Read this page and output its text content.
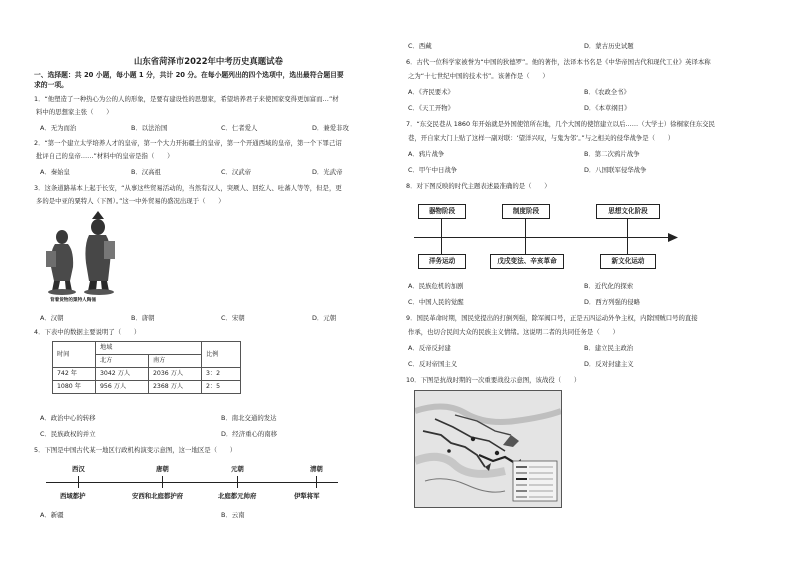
山东省菏泽市2022年中考历史真题试卷
一、选择题：共 20 小题，每小题 1 分，共计 20 分。在每小题列出的四个选项中，选出最符合题目要
求的一项。
1．“他塑造了一种热心为公的人的形象，是要有建设性的思想家，希望培养君子来使国家变得更加富而…”材
料中的思想家主张（　　）
A．无为而治	B．以法治国	C．仁者爱人	D．兼爱非攻
2．“第一个建立太学培养人才的皇帝，第一个大力开拓疆土的皇帝，第一个开通西域的皇帝，第一个下罪己诏
批评自己的皇帝……”材料中的皇帝是指（　　）
A．秦始皇	B．汉高祖	C．汉武帝	D．光武帝
3．这条道路基本上起于长安，“从事这些贸易活动的，当然有汉人，突厥人、回纥人、吐蕃人等等，但是，更
多的是中亚的粟特人（下图）。”这一中外贸易的盛况出现于（　　）
背着货物的粟特人陶俑
A．汉朝	B．唐朝	C．宋朝	D．元朝
4．下表中的数据主要说明了（　　）
时间	地域		比例
	北方	南方	
742 年	3042 万人	2036 万人	3：2
1080 年	956 万人	2368 万人	2：5
A．政治中心的转移	B．南北交通的发达
C．民族政权的并立	D．经济重心的南移
5．下图是中国古代某一地区行政机构演变示意图，这一地区是（　　）
西汉	唐朝	元朝	清朝
西域都护	安西和北庭都护府	北庭都元帅府	伊犁将军
A．新疆	B．云南
C．西藏	D．蒙古历史试题
6．古代一位科学家被誉为“中国的狄德罗”。他的著作，法译本书名是《中华帝国古代和现代工业》英译本称
之为“十七世纪中国的技术书”。该著作是（　　）
A．《齐民要术》	B．《农政全书》
C．《天工开物》	D．《本草纲目》
7．“东交民巷从 1860 年开始就是外国使馆所在地，几个大国的使馆建立以后……（大学士）徐桐家住东交民
巷，开自家大门上贴了这样一副对联：‘望洋兴叹，与鬼为邻’。”与之相关的侵华战争是（　　）
A．鸦片战争	B．第二次鸦片战争
C．甲午中日战争	D．八国联军侵华战争
8．对下图反映的时代主题表述最准确的是（　　）
器物阶段	制度阶段	思想文化阶段
洋务运动	戊戌变法、辛亥革命	新文化运动
A．民族危机的加剧	B．近代化的探索
C．中国人民的觉醒	D．西方列强的侵略
9．国民革命时期，国民党提出的打倒列强，除军阀口号，正是五四运动外争主权，内除国贼口号的直接
作承，也切合民间大众的民族主义情绪。这说明二者的共同任务是（　　）
A．反帝反封建	B．建立民主政治
C．反对帝国主义	D．反对封建主义
10．下图是抗战时期的一次重要战役示意图，该战役（　　）
